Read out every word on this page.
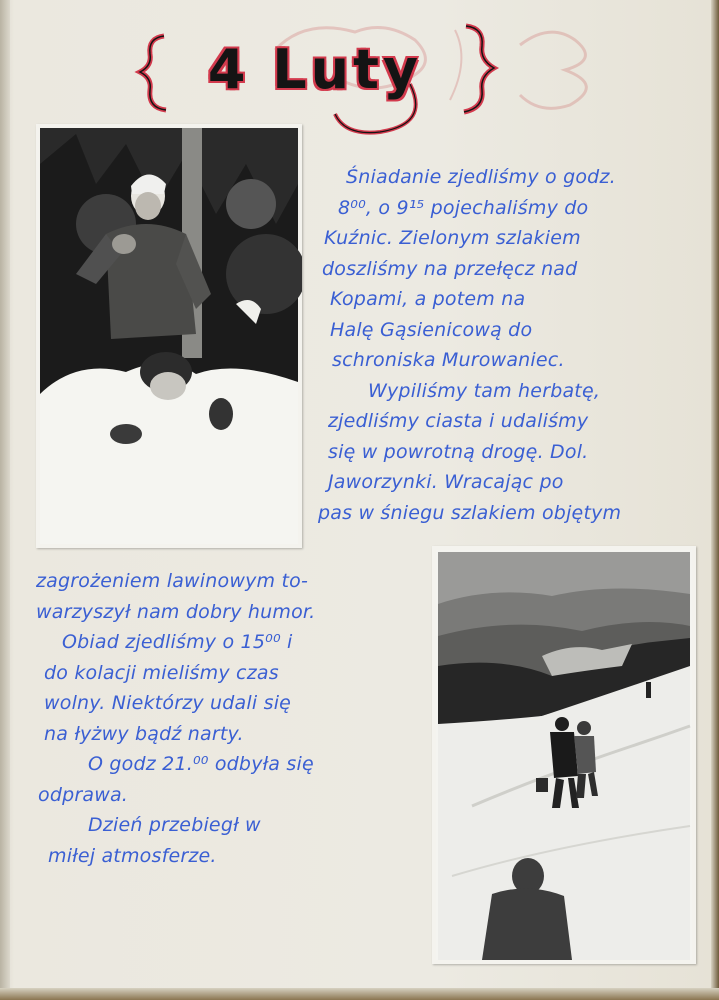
4 Luty
Śniadanie zjedliśmy o godz.
8⁰⁰, o 9¹⁵ pojechaliśmy do
Kuźnic. Zielonym szlakiem
doszliśmy na przełęcz nad
Kopami, a potem na
Halę Gąsienicową do
schroniska Murowaniec.
Wypiliśmy tam herbatę,
zjedliśmy ciasta i udaliśmy
się w powrotną drogę. Dol.
Jaworzynki. Wracając po
pas w śniegu szlakiem objętym
zagrożeniem lawinowym to-
warzyszył nam dobry humor.
Obiad zjedliśmy o 15⁰⁰ i
do kolacji mieliśmy czas
wolny. Niektórzy udali się
na łyżwy bądź narty.
O godz 21.⁰⁰ odbyła się
odprawa.
Dzień przebiegł w
miłej atmosferze.
